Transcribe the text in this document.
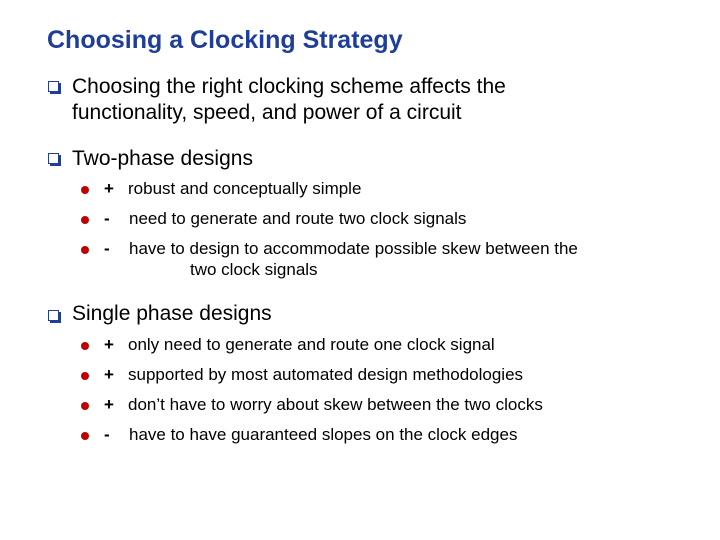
Choosing a Clocking Strategy
Choosing the right clocking scheme affects the
functionality, speed, and power of a circuit
Two-phase designs
+ robust and conceptually simple
- need to generate and route two clock signals
- have to design to accommodate possible skew between the
two clock signals
Single phase designs
+ only need to generate and route one clock signal
+ supported by most automated design methodologies
+ don’t have to worry about skew between the two clocks
- have to have guaranteed slopes on the clock edges
